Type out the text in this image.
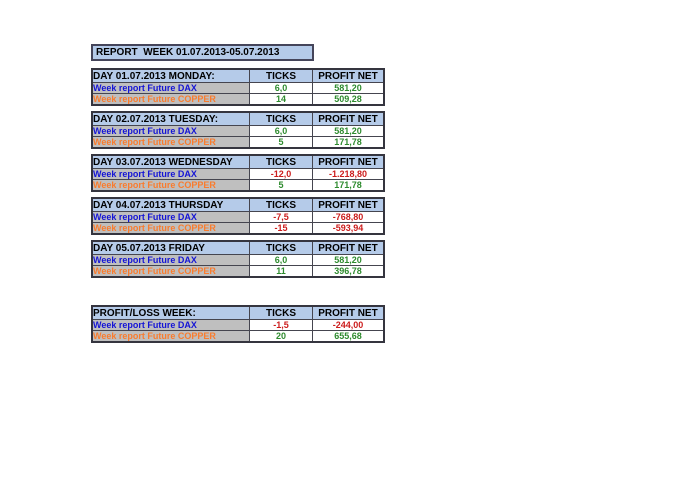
REPORT  WEEK 01.07.2013-05.07.2013
DAY 01.07.2013 MONDAY:	TICKS	PROFIT NET
Week report Future DAX	6,0	581,20
Week report Future COPPER	14	509,28
DAY 02.07.2013 TUESDAY:	TICKS	PROFIT NET
Week report Future DAX	6,0	581,20
Week report Future COPPER	5	171,78
DAY 03.07.2013 WEDNESDAY	TICKS	PROFIT NET
Week report Future DAX	-12,0	-1.218,80
Week report Future COPPER	5	171,78
DAY 04.07.2013 THURSDAY	TICKS	PROFIT NET
Week report Future DAX	-7,5	-768,80
Week report Future COPPER	-15	-593,94
DAY 05.07.2013 FRIDAY	TICKS	PROFIT NET
Week report Future DAX	6,0	581,20
Week report Future COPPER	11	396,78
PROFIT/LOSS WEEK:	TICKS	PROFIT NET
Week report Future DAX	-1,5	-244,00
Week report Future COPPER	20	655,68
